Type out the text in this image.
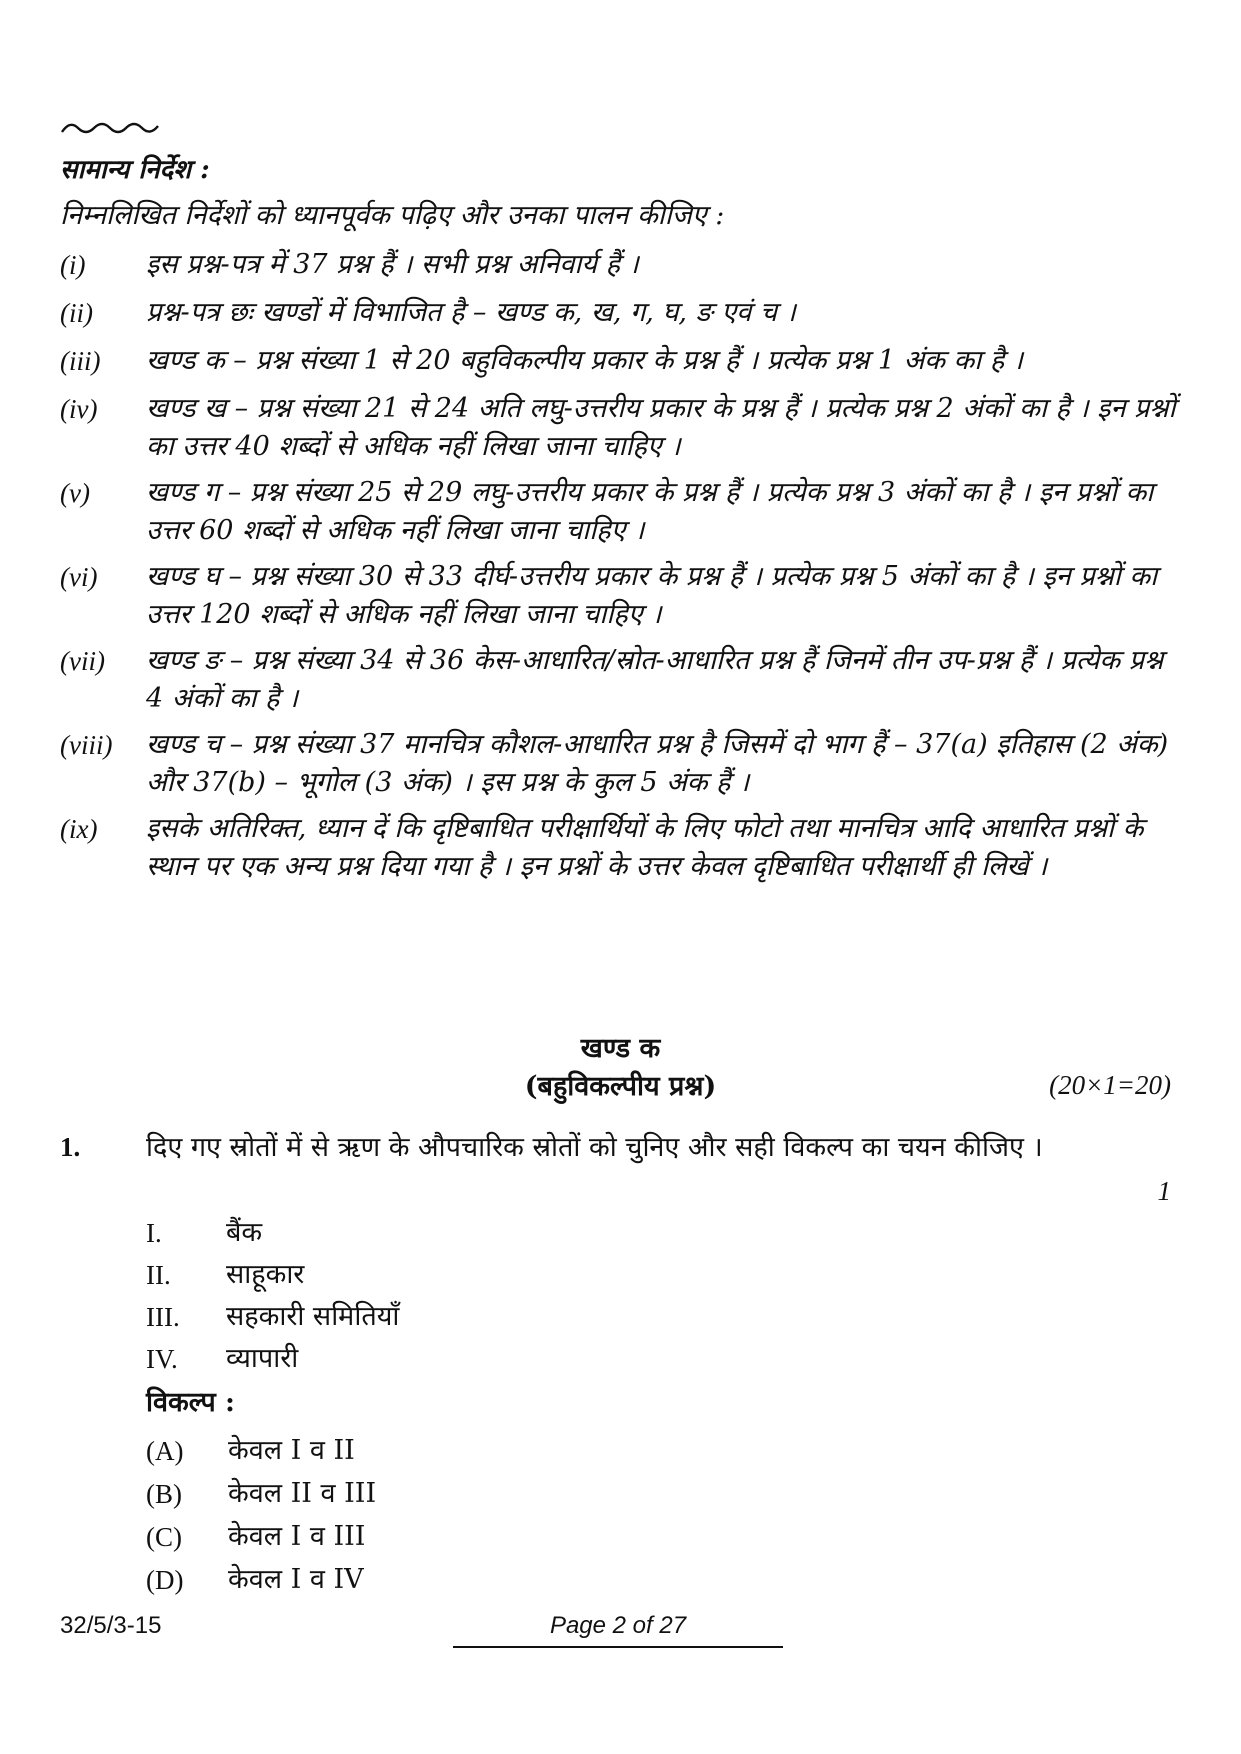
सामान्य निर्देश :
निम्नलिखित निर्देशों को ध्यानपूर्वक पढ़िए और उनका पालन कीजिए :
(i) इस प्रश्न-पत्र में 37 प्रश्न हैं । सभी प्रश्न अनिवार्य हैं ।
(ii) प्रश्न-पत्र छः खण्डों में विभाजित है – खण्ड क, ख, ग, घ, ङ एवं च ।
(iii) खण्ड क – प्रश्न संख्या 1 से 20 बहुविकल्पीय प्रकार के प्रश्न हैं । प्रत्येक प्रश्न 1 अंक का है ।
(iv) खण्ड ख – प्रश्न संख्या 21 से 24 अति लघु-उत्तरीय प्रकार के प्रश्न हैं । प्रत्येक प्रश्न 2 अंकों का है । इन प्रश्नों का उत्तर 40 शब्दों से अधिक नहीं लिखा जाना चाहिए ।
(v) खण्ड ग – प्रश्न संख्या 25 से 29 लघु-उत्तरीय प्रकार के प्रश्न हैं । प्रत्येक प्रश्न 3 अंकों का है । इन प्रश्नों का उत्तर 60 शब्दों से अधिक नहीं लिखा जाना चाहिए ।
(vi) खण्ड घ – प्रश्न संख्या 30 से 33 दीर्घ-उत्तरीय प्रकार के प्रश्न हैं । प्रत्येक प्रश्न 5 अंकों का है । इन प्रश्नों का उत्तर 120 शब्दों से अधिक नहीं लिखा जाना चाहिए ।
(vii) खण्ड ङ – प्रश्न संख्या 34 से 36 केस-आधारित/स्रोत-आधारित प्रश्न हैं जिनमें तीन उप-प्रश्न हैं । प्रत्येक प्रश्न 4 अंकों का है ।
(viii) खण्ड च – प्रश्न संख्या 37 मानचित्र कौशल-आधारित प्रश्न है जिसमें दो भाग हैं – 37(a) इतिहास (2 अंक) और 37(b) – भूगोल (3 अंक) । इस प्रश्न के कुल 5 अंक हैं ।
(ix) इसके अतिरिक्त, ध्यान दें कि दृष्टिबाधित परीक्षार्थियों के लिए फोटो तथा मानचित्र आदि आधारित प्रश्नों के स्थान पर एक अन्य प्रश्न दिया गया है । इन प्रश्नों के उत्तर केवल दृष्टिबाधित परीक्षार्थी ही लिखें ।
खण्ड क
(बहुविकल्पीय प्रश्न)	(20×1=20)
1. दिए गए स्रोतों में से ऋण के औपचारिक स्रोतों को चुनिए और सही विकल्प का चयन कीजिए ।
1
I. बैंक
II. साहूकार
III. सहकारी समितियाँ
IV. व्यापारी
विकल्प :
(A) केवल I व II
(B) केवल II व III
(C) केवल I व III
(D) केवल I व IV
32/5/3-15	Page 2 of 27
